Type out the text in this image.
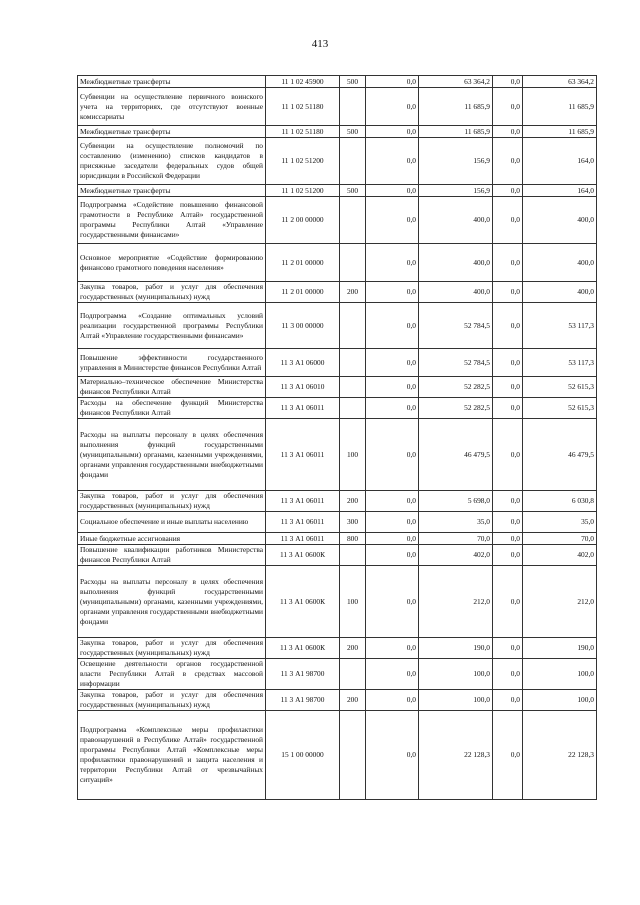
413
Межбюджетные трансферты	11 1 02 45900	500	0,0	63 364,2	0,0	63 364,2
Субвенции на осуществление первичного воинского учета на территориях, где отсутствуют военные комиссариаты	11 1 02 51180		0,0	11 685,9	0,0	11 685,9
Межбюджетные трансферты	11 1 02 51180	500	0,0	11 685,9	0,0	11 685,9
Субвенции на осуществление полномочий по составлению (изменению) списков кандидатов в присяжные заседатели федеральных судов общей юрисдикции в Российской Федерации	11 1 02 51200		0,0	156,9	0,0	164,0
Межбюджетные трансферты	11 1 02 51200	500	0,0	156,9	0,0	164,0
Подпрограмма «Содействие повышению финансовой грамотности в Республике Алтай» государственной программы Республики Алтай «Управление государственными финансами»	11 2 00 00000		0,0	400,0	0,0	400,0
Основное мероприятие «Содействие формированию финансово грамотного поведения населения»	11 2 01 00000		0,0	400,0	0,0	400,0
Закупка товаров, работ и услуг для обеспечения государственных (муниципальных) нужд	11 2 01 00000	200	0,0	400,0	0,0	400,0
Подпрограмма «Создание оптимальных условий реализации государственной программы Республики Алтай «Управление государственными финансами»	11 3 00 00000		0,0	52 784,5	0,0	53 117,3
Повышение эффективности государственного управления в Министерстве финансов Республики Алтай	11 3 А1 06000		0,0	52 784,5	0,0	53 117,3
Материально–техническое обеспечение Министерства финансов Республики Алтай	11 3 А1 06010		0,0	52 282,5	0,0	52 615,3
Расходы на обеспечение функций Министерства финансов Республики Алтай	11 3 А1 06011		0,0	52 282,5	0,0	52 615,3
Расходы на выплаты персоналу в целях обеспечения выполнения функций государственными (муниципальными) органами, казенными учреждениями, органами управления государственными внебюджетными фондами	11 3 А1 06011	100	0,0	46 479,5	0,0	46 479,5
Закупка товаров, работ и услуг для обеспечения государственных (муниципальных) нужд	11 3 А1 06011	200	0,0	5 698,0	0,0	6 030,8
Социальное обеспечение и иные выплаты населению	11 3 А1 06011	300	0,0	35,0	0,0	35,0
Иные бюджетные ассигнования	11 3 А1 06011	800	0,0	70,0	0,0	70,0
Повышение квалификации работников Министерства финансов Республики Алтай	11 3 А1 0600К		0,0	402,0	0,0	402,0
Расходы на выплаты персоналу в целях обеспечения выполнения функций государственными (муниципальными) органами, казенными учреждениями, органами управления государственными внебюджетными фондами	11 3 А1 0600К	100	0,0	212,0	0,0	212,0
Закупка товаров, работ и услуг для обеспечения государственных (муниципальных) нужд	11 3 А1 0600К	200	0,0	190,0	0,0	190,0
Освещение деятельности органов государственной власти Республики Алтай в средствах массовой информации	11 3 А1 98700		0,0	100,0	0,0	100,0
Закупка товаров, работ и услуг для обеспечения государственных (муниципальных) нужд	11 3 А1 98700	200	0,0	100,0	0,0	100,0
Подпрограмма «Комплексные меры профилактики правонарушений в Республике Алтай» государственной программы Республики Алтай «Комплексные меры профилактики правонарушений и защита населения и территории Республики Алтай от чрезвычайных ситуаций»	15 1 00 00000		0,0	22 128,3	0,0	22 128,3
